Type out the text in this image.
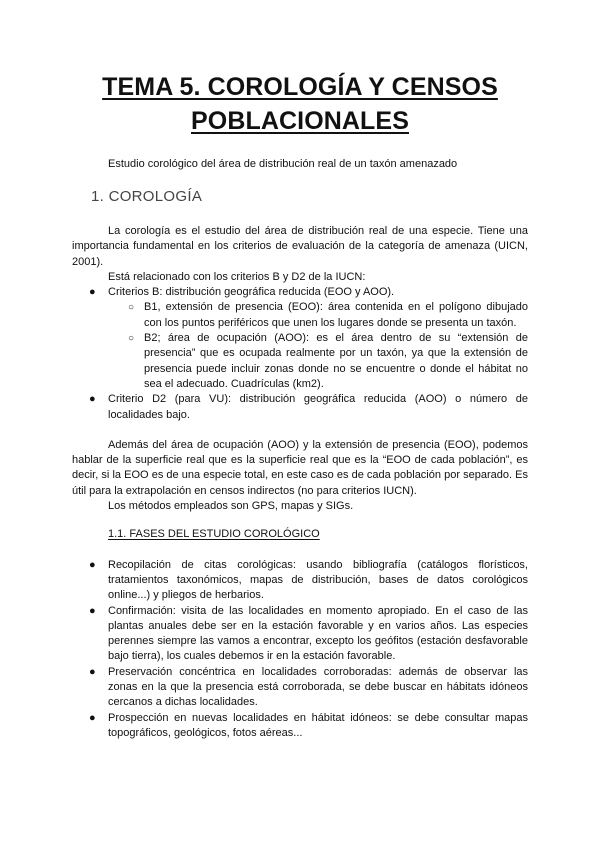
TEMA 5. COROLOGÍA Y CENSOS POBLACIONALES
Estudio corológico del área de distribución real de un taxón amenazado
1. COROLOGÍA

La corología es el estudio del área de distribución real de una especie. Tiene una importancia fundamental en los criterios de evaluación de la categoría de amenaza (UICN, 2001).

Está relacionado con los criterios B y D2 de la IUCN:

● Criterios B: distribución geográfica reducida (EOO y AOO).
○ B1, extensión de presencia (EOO): área contenida en el polígono dibujado con los puntos periféricos que unen los lugares donde se presenta un taxón.
○ B2; área de ocupación (AOO): es el área dentro de su “extensión de presencia” que es ocupada realmente por un taxón, ya que la extensión de presencia puede incluir zonas donde no se encuentre o donde el hábitat no sea el adecuado. Cuadrículas (km2).
● Criterio D2 (para VU): distribución geográfica reducida (AOO) o número de localidades bajo.

Además del área de ocupación (AOO) y la extensión de presencia (EOO), podemos hablar de la superficie real que es la superficie real que es la “EOO de cada población”, es decir, si la EOO es de una especie total, en este caso es de cada población por separado. Es útil para la extrapolación en censos indirectos (no para criterios IUCN).

Los métodos empleados son GPS, mapas y SIGs.

1.1. FASES DEL ESTUDIO COROLÓGICO
● Recopilación de citas corológicas: usando bibliografía (catálogos florísticos, tratamientos taxonómicos, mapas de distribución, bases de datos corológicos online...) y pliegos de herbarios.
● Confirmación: visita de las localidades en momento apropiado. En el caso de las plantas anuales debe ser en la estación favorable y en varios años. Las especies perennes siempre las vamos a encontrar, excepto los geófitos (estación desfavorable bajo tierra), los cuales debemos ir en la estación favorable.
● Preservación concéntrica en localidades corroboradas: además de observar las zonas en la que la presencia está corroborada, se debe buscar en hábitats idóneos cercanos a dichas localidades.
● Prospección en nuevas localidades en hábitat idóneos: se debe consultar mapas topográficos, geológicos, fotos aéreas...
